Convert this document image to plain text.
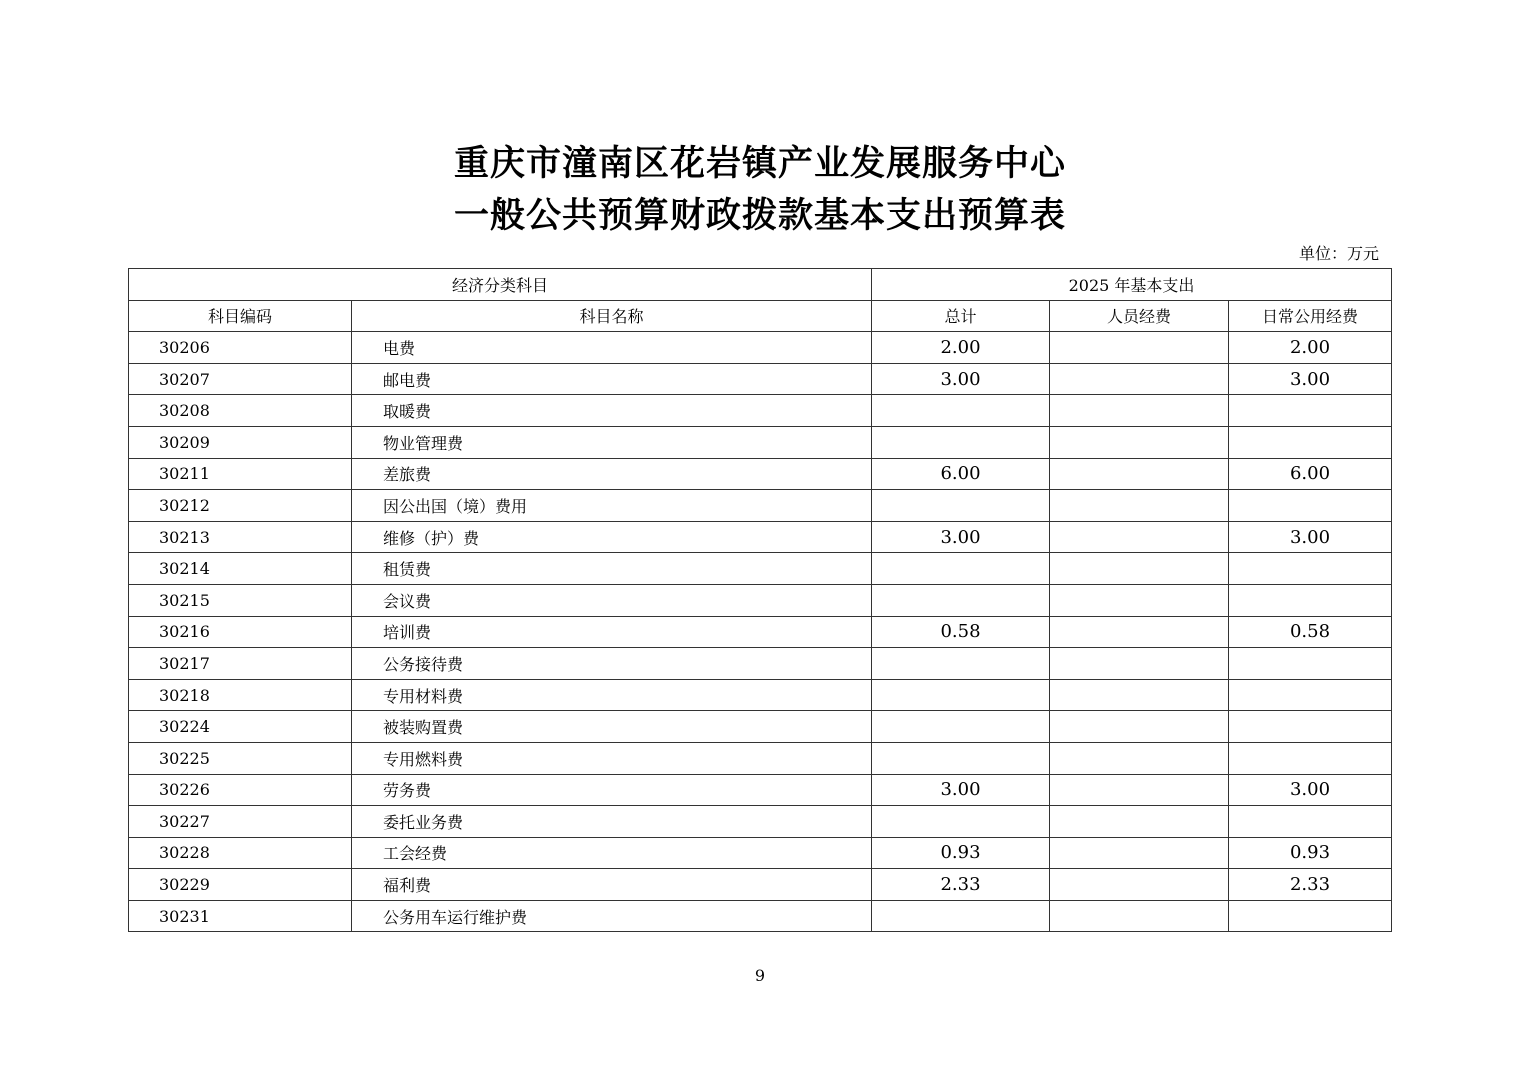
重庆市潼南区花岩镇产业发展服务中心
一般公共预算财政拨款基本支出预算表
单位：万元
经济分类科目		2025 年基本支出		
科目编码	科目名称	总计	人员经费	日常公用经费
30206	电费	2.00		2.00
30207	邮电费	3.00		3.00
30208	取暖费			
30209	物业管理费			
30211	差旅费	6.00		6.00
30212	因公出国（境）费用			
30213	维修（护）费	3.00		3.00
30214	租赁费			
30215	会议费			
30216	培训费	0.58		0.58
30217	公务接待费			
30218	专用材料费			
30224	被装购置费			
30225	专用燃料费			
30226	劳务费	3.00		3.00
30227	委托业务费			
30228	工会经费	0.93		0.93
30229	福利费	2.33		2.33
30231	公务用车运行维护费			
9
